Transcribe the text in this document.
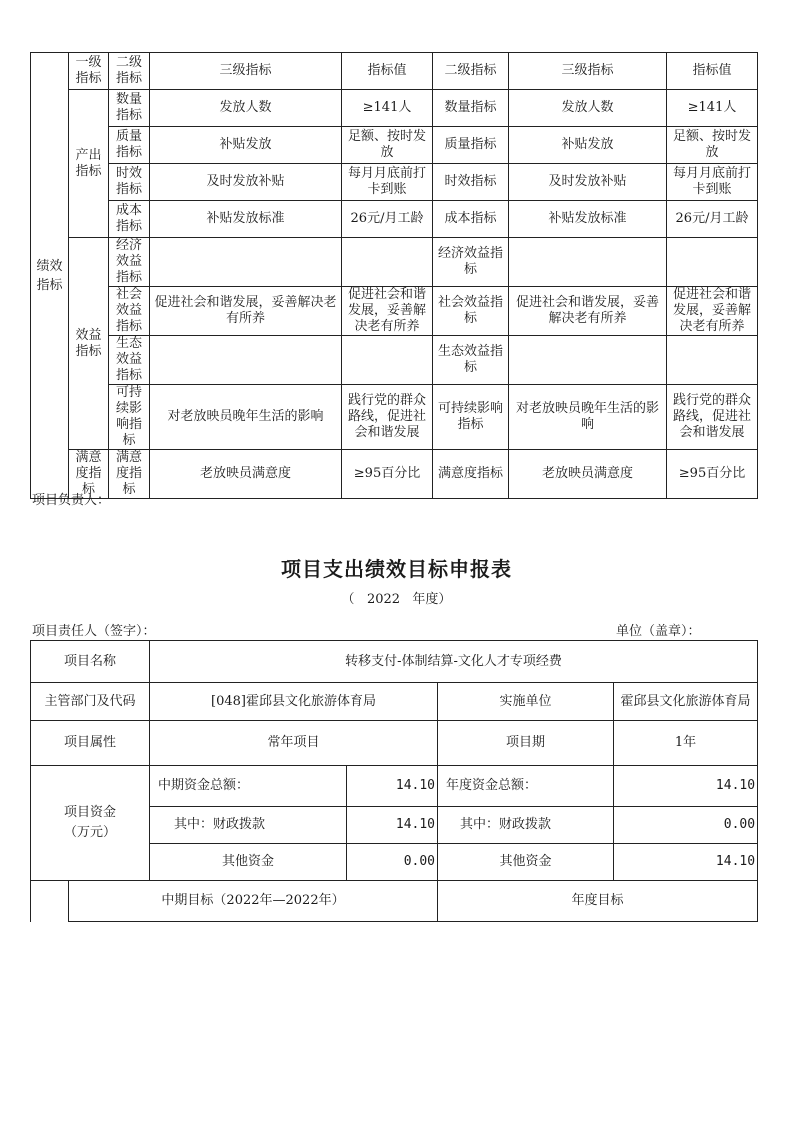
绩效指标	一级指标	二级指标	三级指标	指标值	二级指标	三级指标	指标值
	产出指标	数量指标	发放人数	≥141人	数量指标	发放人数	≥141人
		质量指标	补贴发放	足额、按时发放	质量指标	补贴发放	足额、按时发放
		时效指标	及时发放补贴	每月月底前打卡到账	时效指标	及时发放补贴	每月月底前打卡到账
		成本指标	补贴发放标准	26元/月工龄	成本指标	补贴发放标准	26元/月工龄
	效益指标	经济效益指标			经济效益指标		
		社会效益指标	促进社会和谐发展，妥善解决老有所养	促进社会和谐发展，妥善解决老有所养	社会效益指标	促进社会和谐发展，妥善解决老有所养	促进社会和谐发展，妥善解决老有所养
		生态效益指标			生态效益指标		
		可持续影响指标	对老放映员晚年生活的影响	践行党的群众路线，促进社会和谐发展	可持续影响指标	对老放映员晚年生活的影响	践行党的群众路线，促进社会和谐发展
	满意度指标	满意度指标	老放映员满意度	≥95百分比	满意度指标	老放映员满意度	≥95百分比
项目负责人：
项目支出绩效目标申报表
（   2022   年度）
项目责任人（签字）：	单位（盖章）：
项目名称		转移支付-体制结算-文化人才专项经费			
主管部门及代码		[048]霍邱县文化旅游体育局		实施单位	霍邱县文化旅游体育局
项目属性		常年项目		项目期	1年
项目资金（万元）		中期资金总额：	14.10	年度资金总额：	14.10
		其中：财政拨款	14.10	其中：财政拨款	0.00
		其他资金	0.00	其他资金	14.10
	中期目标（2022年—2022年）			年度目标	
